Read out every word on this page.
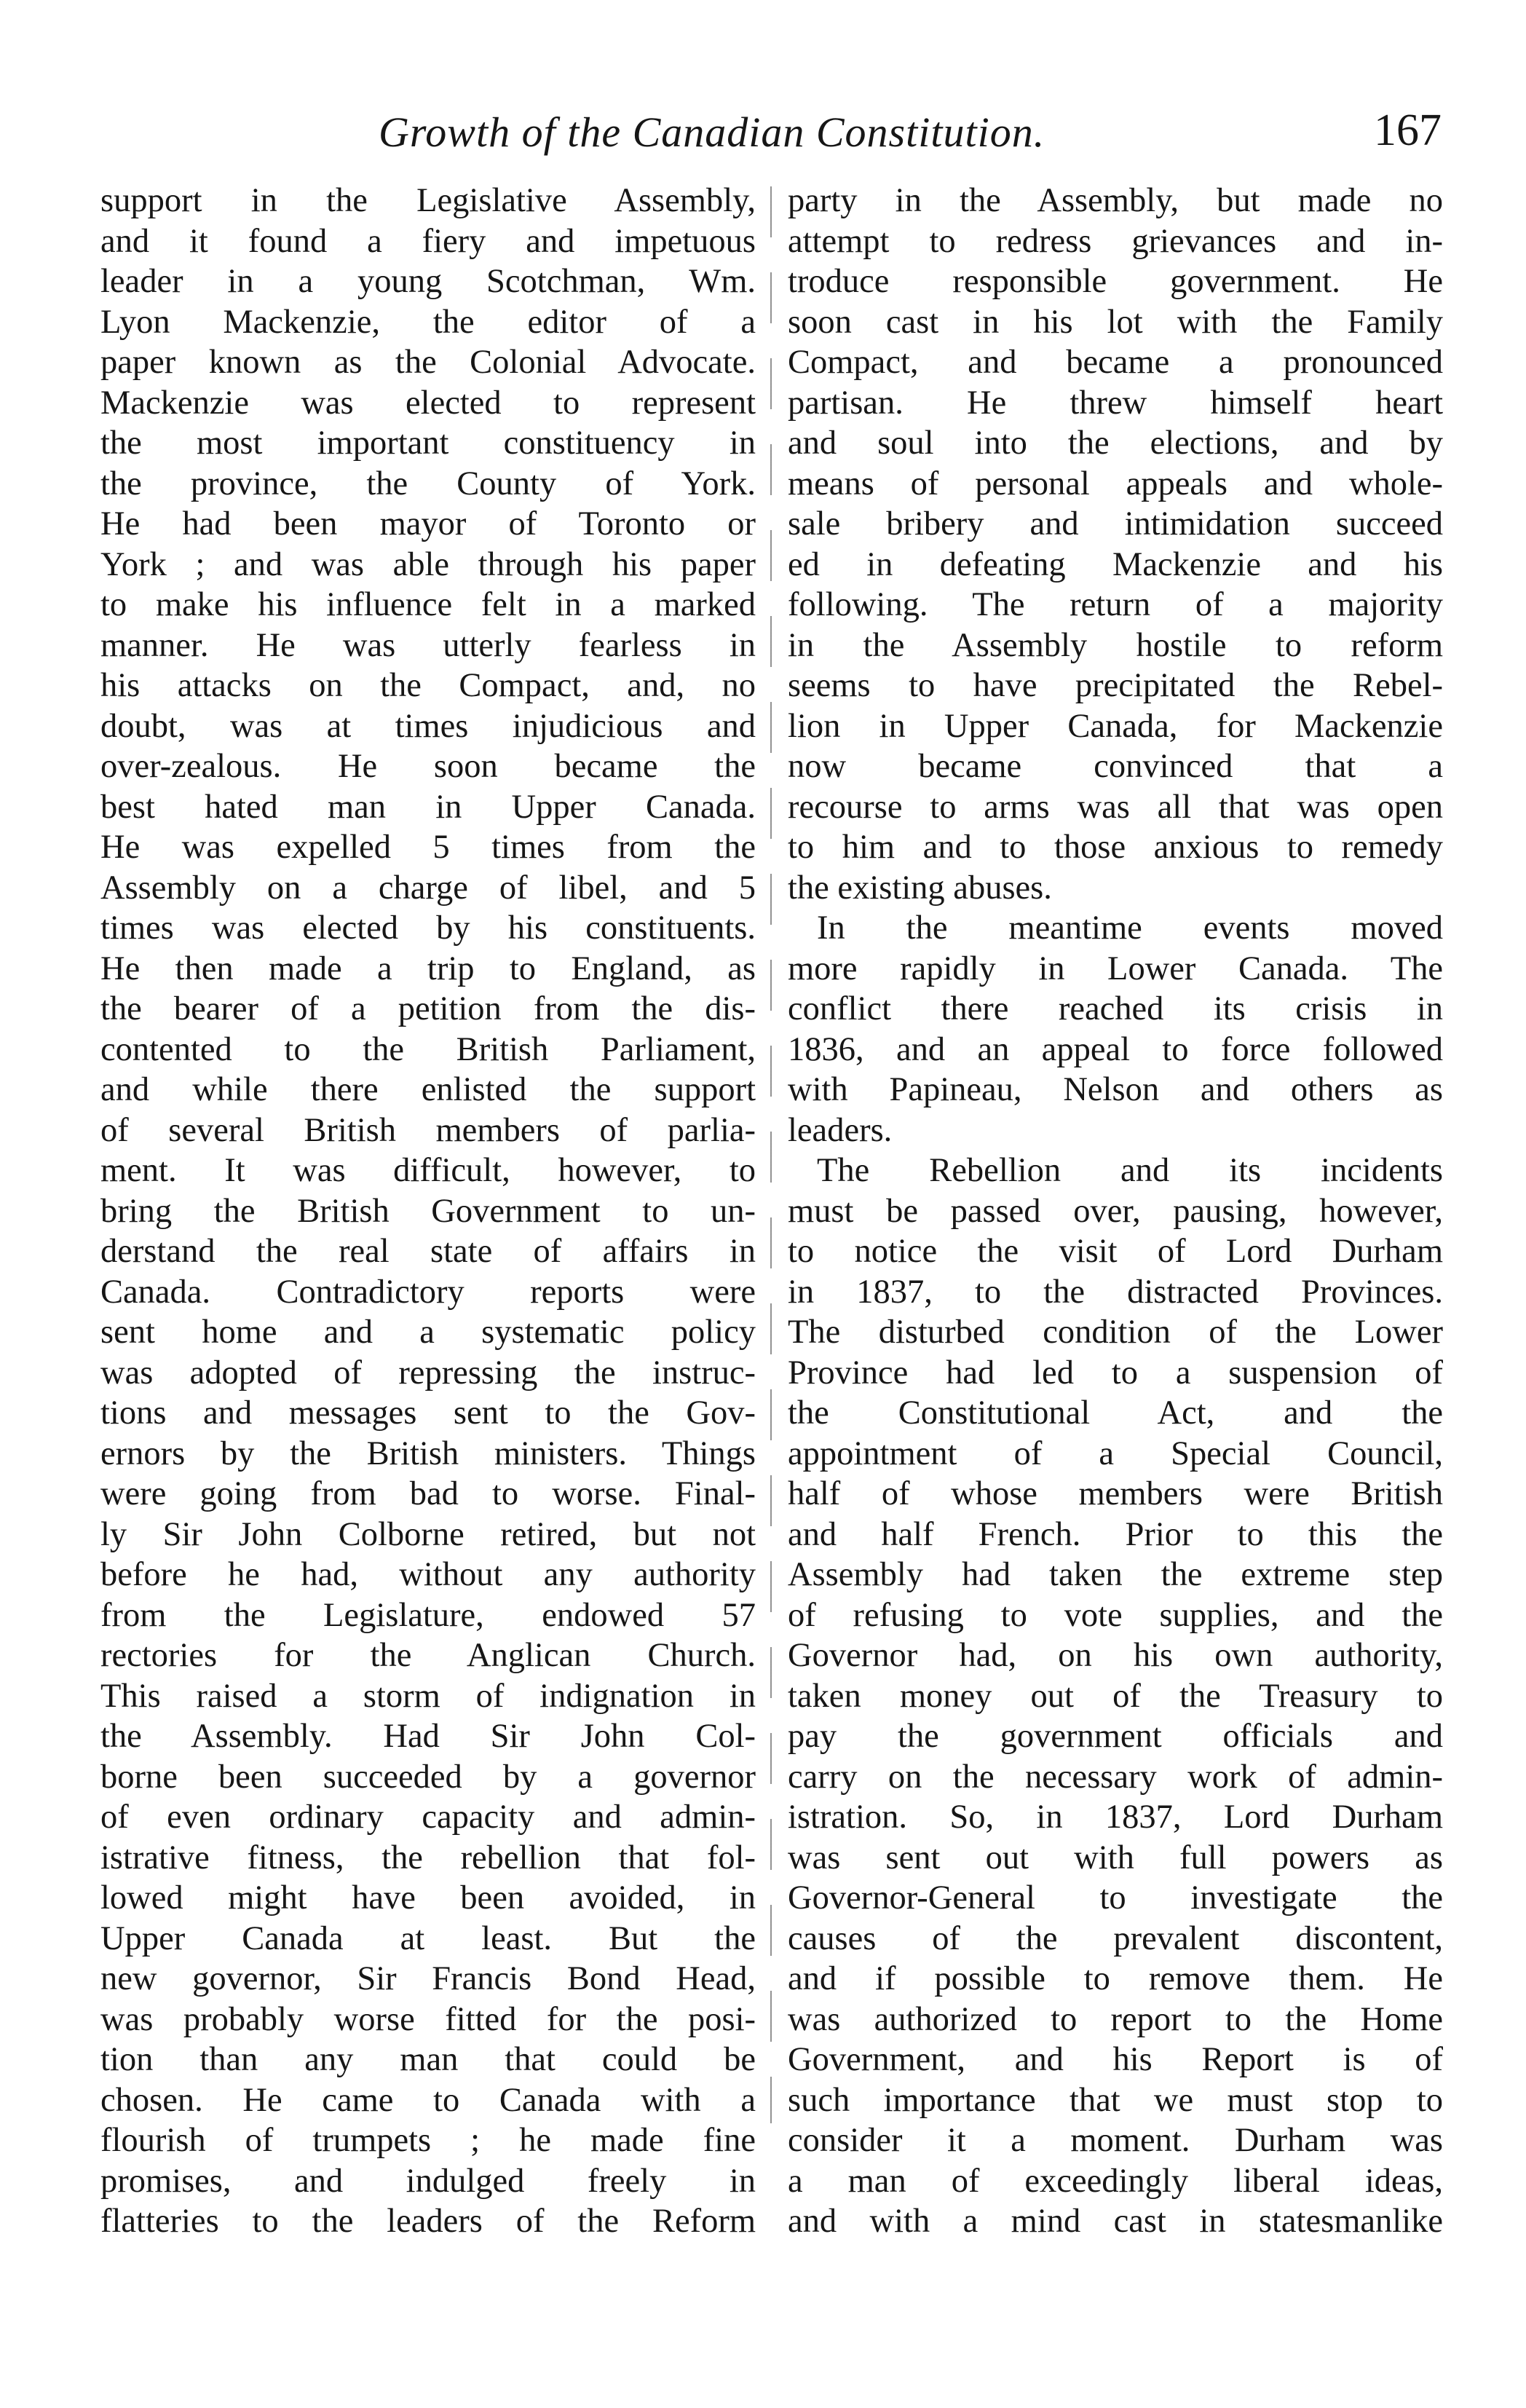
Growth of the Canadian Constitution.	167
support in the Legislative Assembly,
and it found a fiery and impetuous
leader in a young Scotchman, Wm.
Lyon Mackenzie, the editor of a
paper known as the Colonial Advocate.
Mackenzie was elected to represent
the most important constituency in
the province, the County of York.
He had been mayor of Toronto or
York ; and was able through his paper
to make his influence felt in a marked
manner. He was utterly fearless in
his attacks on the Compact, and, no
doubt, was at times injudicious and
over-zealous. He soon became the
best hated man in Upper Canada.
He was expelled 5 times from the
Assembly on a charge of libel, and 5
times was elected by his constituents.
He then made a trip to England, as
the bearer of a petition from the dis-
contented to the British Parliament,
and while there enlisted the support
of several British members of parlia-
ment. It was difficult, however, to
bring the British Government to un-
derstand the real state of affairs in
Canada. Contradictory reports were
sent home and a systematic policy
was adopted of repressing the instruc-
tions and messages sent to the Gov-
ernors by the British ministers. Things
were going from bad to worse. Final-
ly Sir John Colborne retired, but not
before he had, without any authority
from the Legislature, endowed 57
rectories for the Anglican Church.
This raised a storm of indignation in
the Assembly. Had Sir John Col-
borne been succeeded by a governor
of even ordinary capacity and admin-
istrative fitness, the rebellion that fol-
lowed might have been avoided, in
Upper Canada at least. But the
new governor, Sir Francis Bond Head,
was probably worse fitted for the posi-
tion than any man that could be
chosen. He came to Canada with a
flourish of trumpets ; he made fine
promises, and indulged freely in
flatteries to the leaders of the Reform
party in the Assembly, but made no
attempt to redress grievances and in-
troduce responsible government. He
soon cast in his lot with the Family
Compact, and became a pronounced
partisan. He threw himself heart
and soul into the elections, and by
means of personal appeals and whole-
sale bribery and intimidation succeed
ed in defeating Mackenzie and his
following. The return of a majority
in the Assembly hostile to reform
seems to have precipitated the Rebel-
lion in Upper Canada, for Mackenzie
now became convinced that a
recourse to arms was all that was open
to him and to those anxious to remedy
the existing abuses.
In the meantime events moved
more rapidly in Lower Canada. The
conflict there reached its crisis in
1836, and an appeal to force followed
with Papineau, Nelson and others as
leaders.
The Rebellion and its incidents
must be passed over, pausing, however,
to notice the visit of Lord Durham
in 1837, to the distracted Provinces.
The disturbed condition of the Lower
Province had led to a suspension of
the Constitutional Act, and the
appointment of a Special Council,
half of whose members were British
and half French. Prior to this the
Assembly had taken the extreme step
of refusing to vote supplies, and the
Governor had, on his own authority,
taken money out of the Treasury to
pay the government officials and
carry on the necessary work of admin-
istration. So, in 1837, Lord Durham
was sent out with full powers as
Governor-General to investigate the
causes of the prevalent discontent,
and if possible to remove them. He
was authorized to report to the Home
Government, and his Report is of
such importance that we must stop to
consider it a moment. Durham was
a man of exceedingly liberal ideas,
and with a mind cast in statesmanlike
